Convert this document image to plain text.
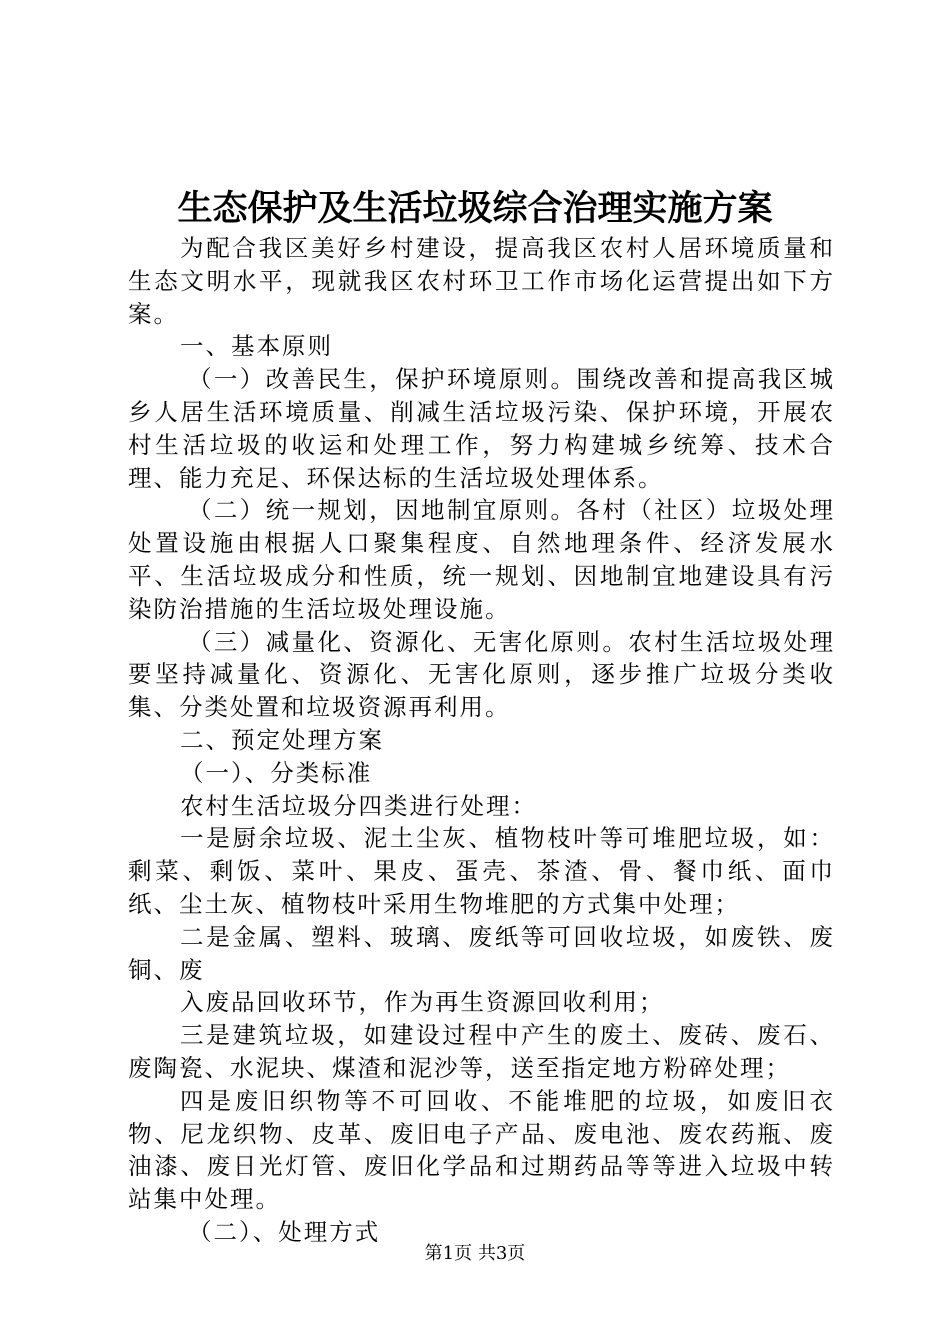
生态保护及生活垃圾综合治理实施方案

为配合我区美好乡村建设，提高我区农村人居环境质量和生态文明水平，现就我区农村环卫工作市场化运营提出如下方案。

一、基本原则

（一）改善民生，保护环境原则。围绕改善和提高我区城乡人居生活环境质量、削减生活垃圾污染、保护环境，开展农村生活垃圾的收运和处理工作，努力构建城乡统筹、技术合理、能力充足、环保达标的生活垃圾处理体系。

（二）统一规划，因地制宜原则。各村（社区）垃圾处理处置设施由根据人口聚集程度、自然地理条件、经济发展水平、生活垃圾成分和性质，统一规划、因地制宜地建设具有污染防治措施的生活垃圾处理设施。

（三）减量化、资源化、无害化原则。农村生活垃圾处理要坚持减量化、资源化、无害化原则，逐步推广垃圾分类收集、分类处置和垃圾资源再利用。

二、预定处理方案

（一）、分类标准

农村生活垃圾分四类进行处理：

一是厨余垃圾、泥土尘灰、植物枝叶等可堆肥垃圾，如：剩菜、剩饭、菜叶、果皮、蛋壳、茶渣、骨、餐巾纸、面巾纸、尘土灰、植物枝叶采用生物堆肥的方式集中处理；

二是金属、塑料、玻璃、废纸等可回收垃圾，如废铁、废铜、废

入废品回收环节，作为再生资源回收利用；

三是建筑垃圾，如建设过程中产生的废土、废砖、废石、废陶瓷、水泥块、煤渣和泥沙等，送至指定地方粉碎处理；

四是废旧织物等不可回收、不能堆肥的垃圾，如废旧衣物、尼龙织物、皮革、废旧电子产品、废电池、废农药瓶、废油漆、废日光灯管、废旧化学品和过期药品等等进入垃圾中转站集中处理。

（二）、处理方式

第1页 共3页
